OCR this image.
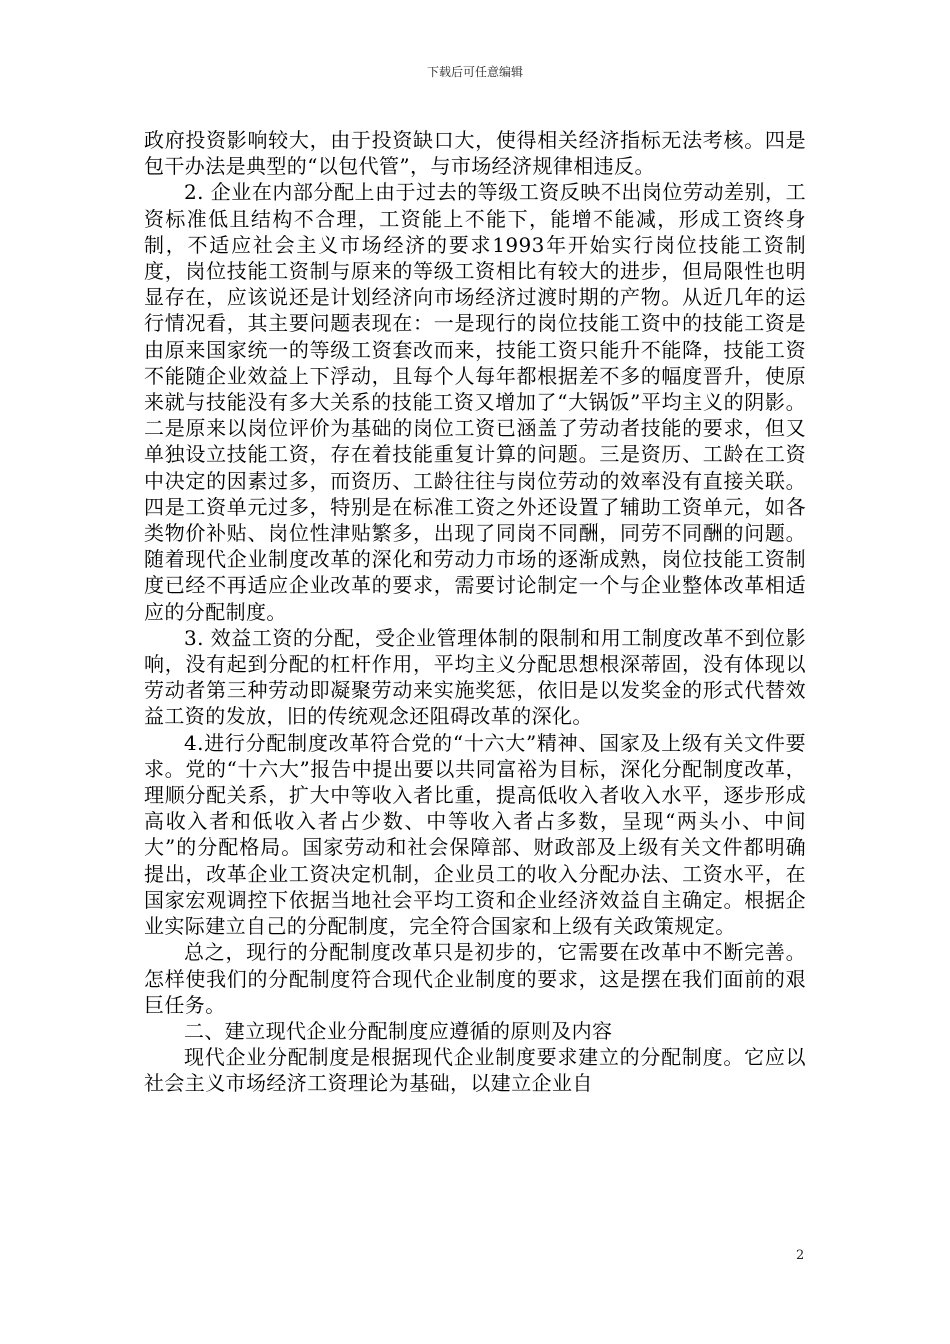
下载后可任意编辑

政府投资影响较大，由于投资缺口大，使得相关经济指标无法考核。四是包干办法是典型的“以包代管”，与市场经济规律相违反。

2. 企业在内部分配上由于过去的等级工资反映不出岗位劳动差别，工资标准低且结构不合理，工资能上不能下，能增不能减，形成工资终身制，不适应社会主义市场经济的要求1993年开始实行岗位技能工资制度，岗位技能工资制与原来的等级工资相比有较大的进步，但局限性也明显存在，应该说还是计划经济向市场经济过渡时期的产物。从近几年的运行情况看，其主要问题表现在：一是现行的岗位技能工资中的技能工资是由原来国家统一的等级工资套改而来，技能工资只能升不能降，技能工资不能随企业效益上下浮动，且每个人每年都根据差不多的幅度晋升，使原来就与技能没有多大关系的技能工资又增加了“大锅饭”平均主义的阴影。二是原来以岗位评价为基础的岗位工资已涵盖了劳动者技能的要求，但又单独设立技能工资，存在着技能重复计算的问题。三是资历、工龄在工资中决定的因素过多，而资历、工龄往往与岗位劳动的效率没有直接关联。四是工资单元过多，特别是在标准工资之外还设置了辅助工资单元，如各类物价补贴、岗位性津贴繁多，出现了同岗不同酬，同劳不同酬的问题。随着现代企业制度改革的深化和劳动力市场的逐渐成熟，岗位技能工资制度已经不再适应企业改革的要求，需要讨论制定一个与企业整体改革相适应的分配制度。

3. 效益工资的分配，受企业管理体制的限制和用工制度改革不到位影响，没有起到分配的杠杆作用，平均主义分配思想根深蒂固，没有体现以劳动者第三种劳动即凝聚劳动来实施奖惩，依旧是以发奖金的形式代替效益工资的发放，旧的传统观念还阻碍改革的深化。

4.进行分配制度改革符合党的“十六大”精神、国家及上级有关文件要求。党的“十六大”报告中提出要以共同富裕为目标，深化分配制度改革，理顺分配关系，扩大中等收入者比重，提高低收入者收入水平，逐步形成高收入者和低收入者占少数、中等收入者占多数，呈现“两头小、中间大”的分配格局。国家劳动和社会保障部、财政部及上级有关文件都明确提出，改革企业工资决定机制，企业员工的收入分配办法、工资水平，在国家宏观调控下依据当地社会平均工资和企业经济效益自主确定。根据企业实际建立自己的分配制度，完全符合国家和上级有关政策规定。

总之，现行的分配制度改革只是初步的，它需要在改革中不断完善。怎样使我们的分配制度符合现代企业制度的要求，这是摆在我们面前的艰巨任务。

二、建立现代企业分配制度应遵循的原则及内容

现代企业分配制度是根据现代企业制度要求建立的分配制度。它应以社会主义市场经济工资理论为基础，以建立企业自

2
